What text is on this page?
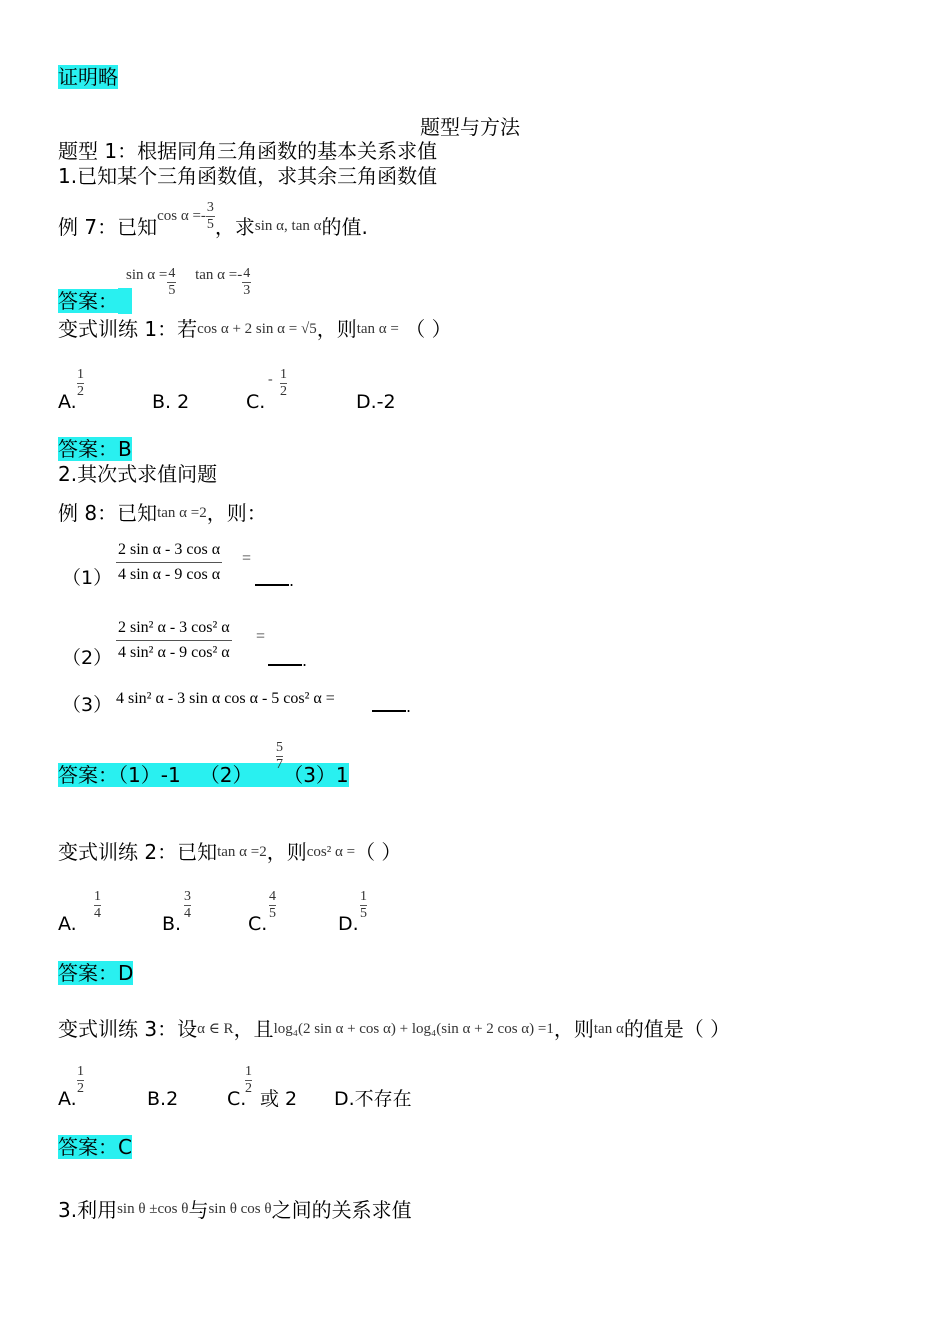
证明略
题型与方法
题型 1：根据同角三角函数的基本关系求值
1.已知某个三角函数值，求其余三角函数值
例 7：已知$^{cos \alpha =-} \frac{3}{5}$ ，求$^{sin \alpha, tan \alpha}$的值.
答案：
$\sin \alpha = \frac{4}{5}$ $\tan \alpha =- \frac{4}{3}$
变式训练 1：若cos α + 2 sin α = √5，则tan α = （ ）
A.
1
2	B. 2	C.
- 1
2	D.-2
答案：B
2.其次式求值问题
例 8：已知tan α =2，则：
（1）
2 sin α - 3 cos α
4 sin α - 9 cos α
=
.
（2）
2 sin² α - 3 cos² α
4 sin² α - 9 cos² α
=
.
（3） 4 sin² α - 3 sin α cos α - 5 cos² α =	.
答案：（1）-1 （2） （3）1
5
7
变式训练 2：已知tan α =2，则cos² α =（ ）
A.
1
4	B.
3
4	C.
4
5	D.
1
5
答案：D
变式训练 3：设α ∈ R，且log₄(2 sin α + cos α) + log₄(sin α + 2 cos α) =1，则tan α的值是（ ）
A.
1
2	B.2	C.
1
2 或 2 D.不存在
答案：C
3.利用$^{sin \theta \pm cos \theta}$与$^{sin \theta cos \theta}$之间的关系求值
